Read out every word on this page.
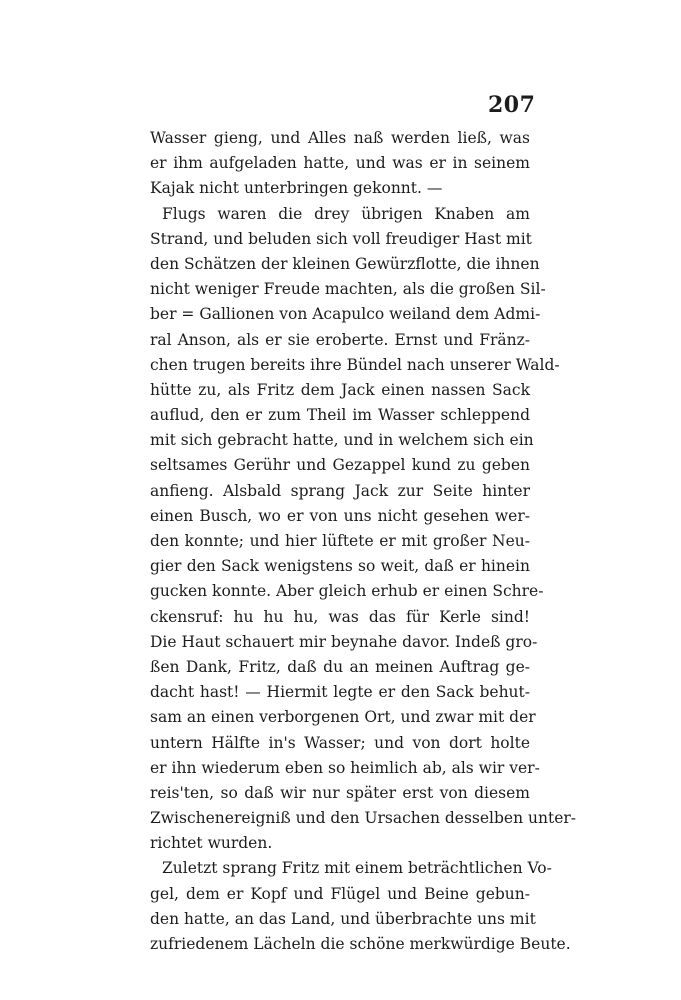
207
Wasser gieng, und Alles naß werden ließ, was
er ihm aufgeladen hatte, und was er in seinem
Kajak nicht unterbringen gekonnt. —
Flugs waren die drey übrigen Knaben am
Strand, und beluden sich voll freudiger Hast mit
den Schätzen der kleinen Gewürzflotte, die ihnen
nicht weniger Freude machten, als die großen Sil-
ber = Gallionen von Acapulco weiland dem Admi-
ral Anson, als er sie eroberte. Ernst und Fränz-
chen trugen bereits ihre Bündel nach unserer Wald-
hütte zu, als Fritz dem Jack einen nassen Sack
auflud, den er zum Theil im Wasser schleppend
mit sich gebracht hatte, und in welchem sich ein
seltsames Gerühr und Gezappel kund zu geben
anfieng. Alsbald sprang Jack zur Seite hinter
einen Busch, wo er von uns nicht gesehen wer-
den konnte; und hier lüftete er mit großer Neu-
gier den Sack wenigstens so weit, daß er hinein
gucken konnte. Aber gleich erhub er einen Schre-
ckensruf: hu hu hu, was das für Kerle sind!
Die Haut schauert mir beynahe davor. Indeß gro-
ßen Dank, Fritz, daß du an meinen Auftrag ge-
dacht hast! — Hiermit legte er den Sack behut-
sam an einen verborgenen Ort, und zwar mit der
untern Hälfte in's Wasser; und von dort holte
er ihn wiederum eben so heimlich ab, als wir ver-
reis'ten, so daß wir nur später erst von diesem
Zwischenereigniß und den Ursachen desselben unter-
richtet wurden.
Zuletzt sprang Fritz mit einem beträchtlichen Vo-
gel, dem er Kopf und Flügel und Beine gebun-
den hatte, an das Land, und überbrachte uns mit
zufriedenem Lächeln die schöne merkwürdige Beute.
